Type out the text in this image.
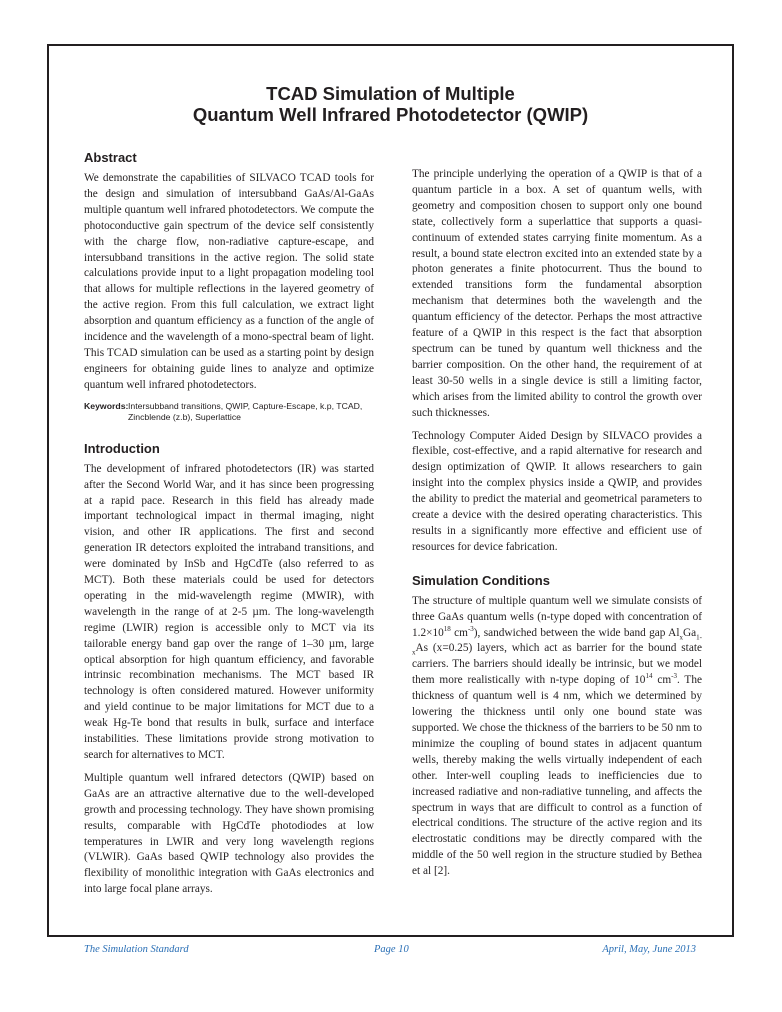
TCAD Simulation of Multiple
Quantum Well Infrared Photodetector (QWIP)
Abstract

We demonstrate the capabilities of SILVACO TCAD tools for the design and simulation of intersubband GaAs/Al-GaAs multiple quantum well infrared photodetectors. We compute the photoconductive gain spectrum of the device self consistently with the charge flow, non-radiative capture-escape, and intersubband transitions in the active region. The solid state calculations provide input to a light propagation modeling tool that allows for multiple reflections in the layered geometry of the active region. From this full calculation, we extract light absorption and quantum efficiency as a function of the angle of incidence and the wavelength of a mono-spectral beam of light. This TCAD simulation can be used as a starting point by design engineers for obtaining guide lines to analyze and optimize quantum well infrared photodetectors.

Keywords: Intersubband transitions, QWIP, Capture-Escape, k.p, TCAD, Zincblende (z.b), Superlattice
Introduction

The development of infrared photodetectors (IR) was started after the Second World War, and it has since been progressing at a rapid pace. Research in this field has already made important technological impact in thermal imaging, night vision, and other IR applications. The first and second generation IR detectors exploited the intraband transitions, and were dominated by InSb and HgCdTe (also referred to as MCT). Both these materials could be used for detectors operating in the mid-wavelength regime (MWIR), with wavelength in the range of at 2-5 µm. The long-wavelength regime (LWIR) region is accessible only to MCT via its tailorable energy band gap over the range of 1–30 µm, large optical absorption for high quantum efficiency, and favorable intrinsic recombination mechanisms. The MCT based IR technology is often considered matured. However uniformity and yield continue to be major limitations for MCT due to a weak Hg-Te bond that results in bulk, surface and interface instabilities. These limitations provide strong motivation to search for alternatives to MCT.

Multiple quantum well infrared detectors (QWIP) based on GaAs are an attractive alternative due to the well-developed growth and processing technology. They have shown promising results, comparable with HgCdTe photodiodes at low temperatures in LWIR and very long wavelength regions (VLWIR). GaAs based QWIP technology also provides the flexibility of monolithic integration with GaAs electronics and into large focal plane arrays.

The principle underlying the operation of a QWIP is that of a quantum particle in a box. A set of quantum wells, with geometry and composition chosen to support only one bound state, collectively form a superlattice that supports a quasi-continuum of extended states carrying finite momentum. As a result, a bound state electron excited into an extended state by a photon generates a finite photocurrent. Thus the bound to extended transitions form the fundamental absorption mechanism that determines both the wavelength and the quantum efficiency of the detector. Perhaps the most attractive feature of a QWIP in this respect is the fact that absorption spectrum can be tuned by quantum well thickness and the barrier composition. On the other hand, the requirement of at least 30-50 wells in a single device is still a limiting factor, which arises from the limited ability to control the growth over such thicknesses.

Technology Computer Aided Design by SILVACO provides a flexible, cost-effective, and a rapid alternative for research and design optimization of QWIP. It allows researchers to gain insight into the complex physics inside a QWIP, and provides the ability to predict the material and geometrical parameters to create a device with the desired operating characteristics. This results in a significantly more effective and efficient use of resources for device fabrication.

Simulation Conditions

The structure of multiple quantum well we simulate consists of three GaAs quantum wells (n-type doped with concentration of $1.2\times 10^{18}$ $cm^{-3}$), sandwiched between the wide band gap $Al_xGa_{1-x}As$ (x=0.25) layers, which act as barrier for the bound state carriers. The barriers should ideally be intrinsic, but we model them more realistically with n-type doping of $10^{14}$ $cm^{-3}$. The thickness of quantum well is 4 nm, which we determined by lowering the thickness until only one bound state was supported. We chose the thickness of the barriers to be 50 nm to minimize the coupling of bound states in adjacent quantum wells, thereby making the wells virtually independent of each other. Inter-well coupling leads to inefficiencies due to increased radiative and non-radiative tunneling, and affects the spectrum in ways that are difficult to control as a function of electrical conditions. The structure of the active region and its electrostatic conditions may be directly compared with the middle of the 50 well region in the structure studied by Bethea et al [2].

The Simulation Standard	Page 10	April, May, June 2013
